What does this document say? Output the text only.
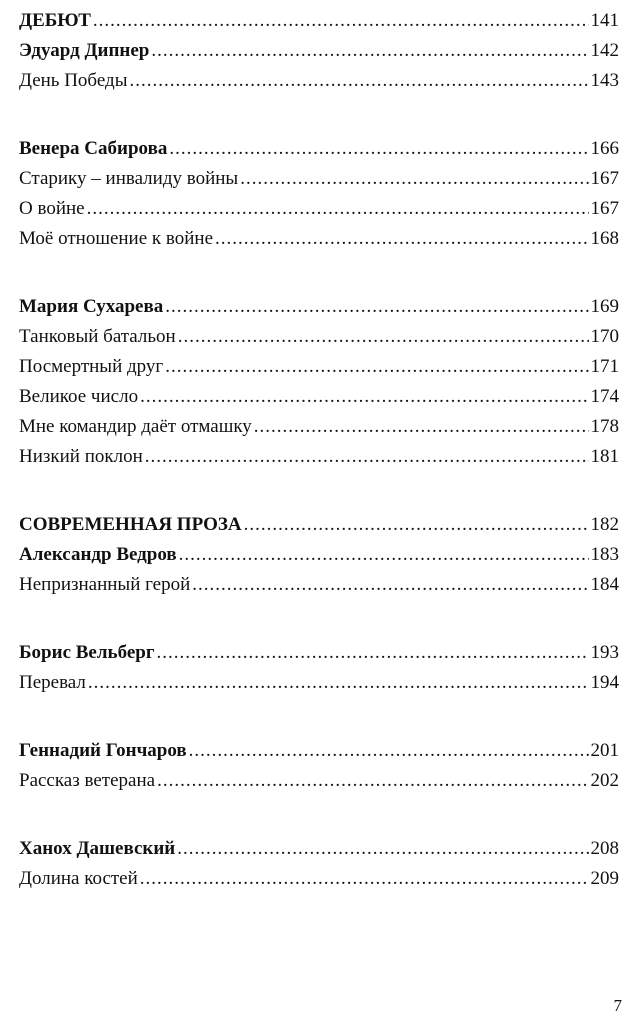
ДЕБЮТ .....	141
Эдуард Дипнер .....	142
День Победы .....	143
Венера Сабирова .....	166
Старику – инвалиду войны .....	167
О войне .....	167
Моё отношение к войне .....	168
Мария Сухарева .....	169
Танковый батальон .....	170
Посмертный друг .....	171
Великое число .....	174
Мне командир даёт отмашку .....	178
Низкий поклон .....	181
СОВРЕМЕННАЯ ПРОЗА .....	182
Александр Ведров .....	183
Непризнанный герой .....	184
Борис Вельберг .....	193
Перевал .....	194
Геннадий Гончаров .....	201
Рассказ ветерана .....	202
Ханох Дашевский .....	208
Долина костей .....	209
7
